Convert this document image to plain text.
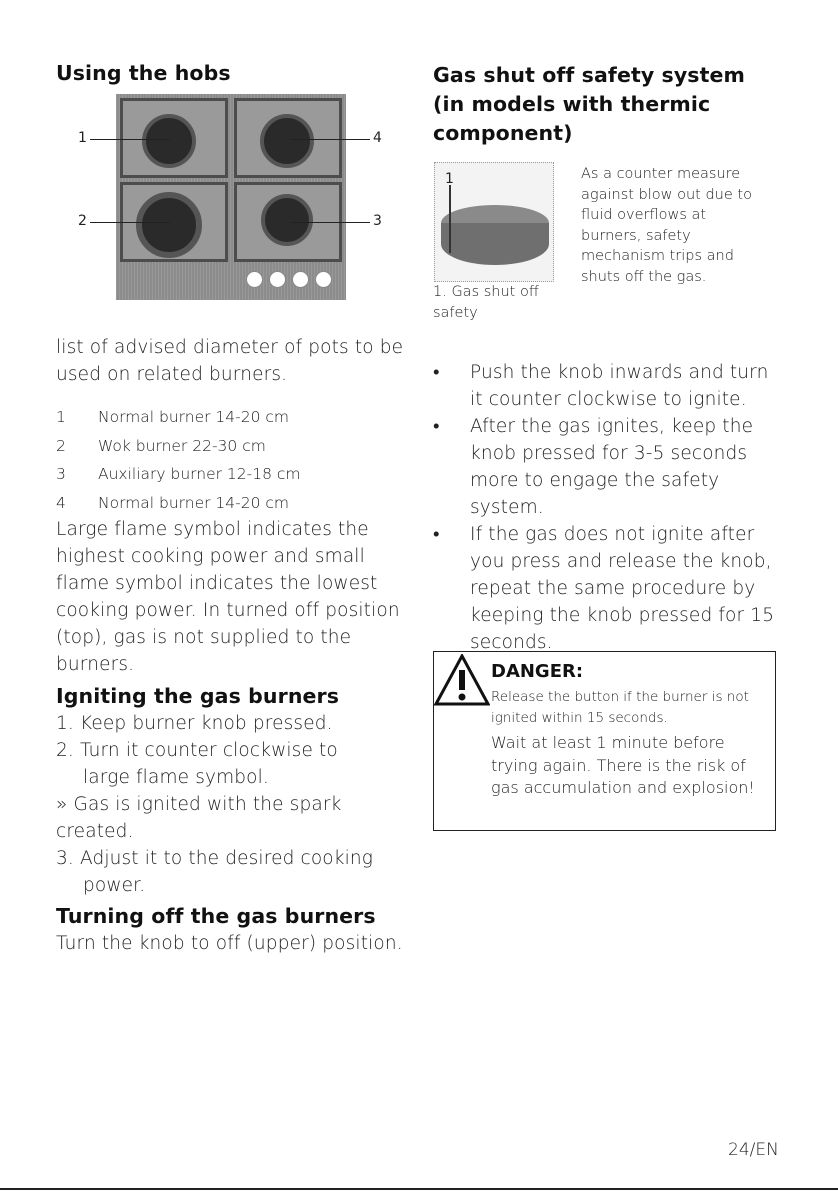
Using the hobs
1	4
2	3
list of advised diameter of pots to be used on related burners.
1 Normal burner 14-20 cm
2 Wok burner 22-30 cm
3 Auxiliary burner 12-18 cm
4 Normal burner 14-20 cm
Large flame symbol indicates the highest cooking power and small flame symbol indicates the lowest cooking power. In turned off position (top), gas is not supplied to the burners.
Igniting the gas burners
1. Keep burner knob pressed.
2. Turn it counter clockwise to
large flame symbol.
» Gas is ignited with the spark
created.
3. Adjust it to the desired cooking
power.
Turning off the gas burners
Turn the knob to off (upper) position.
Gas shut off safety system (in models with thermic component)
1
1. Gas shut off safety
As a counter measure against blow out due to fluid overflows at burners, safety mechanism trips and shuts off the gas.
• Push the knob inwards and turn it counter clockwise to ignite.
• After the gas ignites, keep the knob pressed for 3-5 seconds more to engage the safety system.
• If the gas does not ignite after you press and release the knob, repeat the same procedure by keeping the knob pressed for 15 seconds.
DANGER:
Release the button if the burner is not ignited within 15 seconds.
Wait at least 1 minute before trying again. There is the risk of gas accumulation and explosion!
24/EN
